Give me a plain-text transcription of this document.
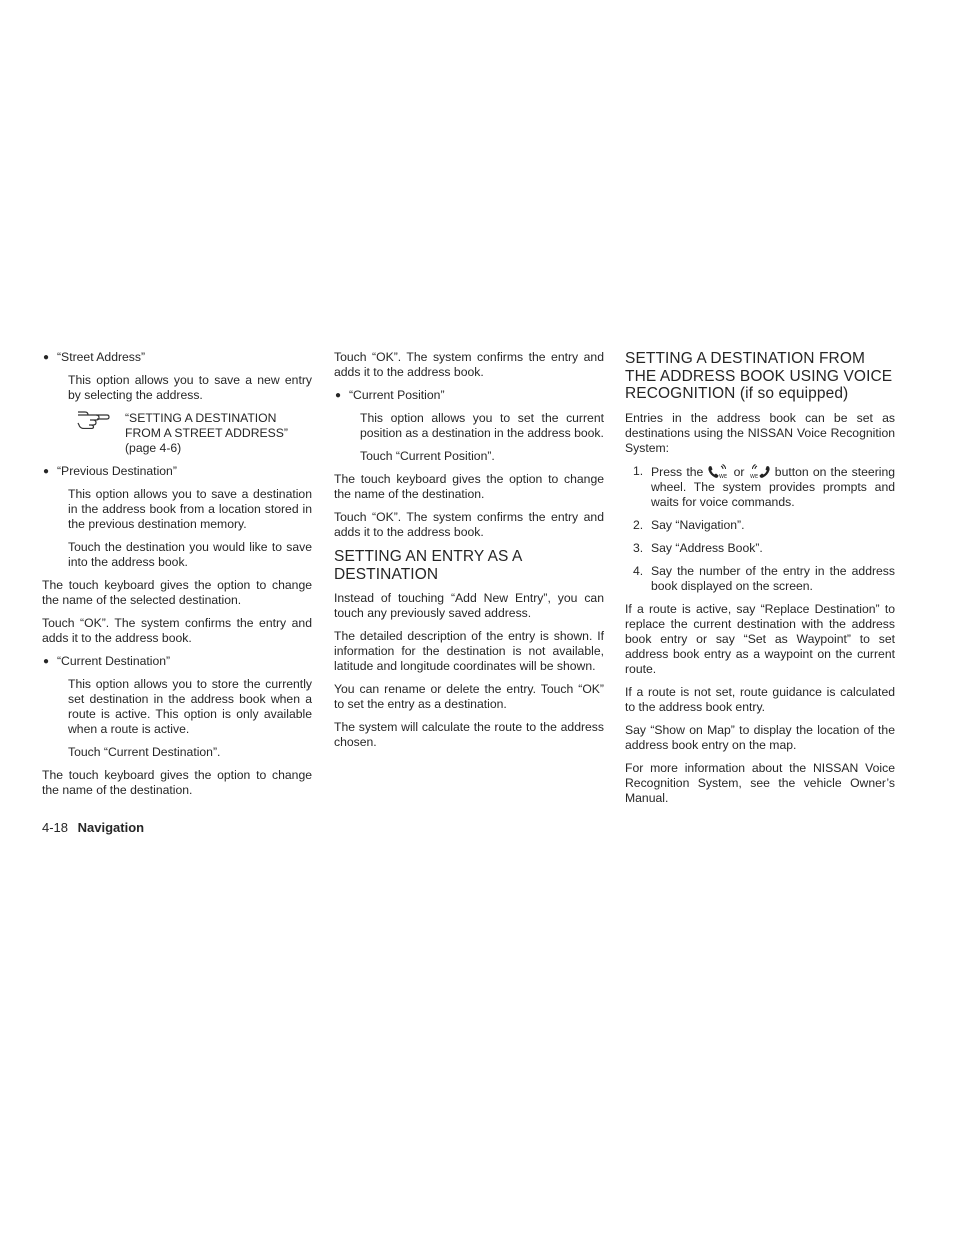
● “Street Address”

This option allows you to save a new entry by selecting the address.

“SETTING A DESTINATION FROM A STREET ADDRESS” (page 4-6)
● “Previous Destination”

This option allows you to save a destination in the address book from a location stored in the previous destination memory.

Touch the destination you would like to save into the address book.

The touch keyboard gives the option to change the name of the selected destination.

Touch “OK”. The system confirms the entry and adds it to the address book.

● “Current Destination”

This option allows you to store the currently set destination in the address book when a route is active. This option is only available when a route is active.

Touch “Current Destination”.

The touch keyboard gives the option to change the name of the destination.

Touch “OK”. The system confirms the entry and adds it to the address book.

● “Current Position”

This option allows you to set the current position as a destination in the address book.

Touch “Current Position”.

The touch keyboard gives the option to change the name of the destination.

Touch “OK”. The system confirms the entry and adds it to the address book.

SETTING AN ENTRY AS A DESTINATION

Instead of touching “Add New Entry”, you can touch any previously saved address.

The detailed description of the entry is shown. If information for the destination is not available, latitude and longitude coordinates will be shown.

You can rename or delete the entry. Touch “OK” to set the entry as a destination.

The system will calculate the route to the address chosen.

SETTING A DESTINATION FROM THE ADDRESS BOOK USING VOICE RECOGNITION (if so equipped)

Entries in the address book can be set as destinations using the NISSAN Voice Recognition System:

1. Press the	WE or WE button on the steering wheel. The system provides prompts and waits for voice commands.
2. Say “Navigation”.
3. Say “Address Book”.
4. Say the number of the entry in the address book displayed on the screen.

If a route is active, say “Replace Destination” to replace the current destination with the address book entry or say “Set as Waypoint” to set address book entry as a waypoint on the current route.

If a route is not set, route guidance is calculated to the address book entry.

Say “Show on Map” to display the location of the address book entry on the map.

For more information about the NISSAN Voice Recognition System, see the vehicle Owner’s Manual.

4-18 Navigation
